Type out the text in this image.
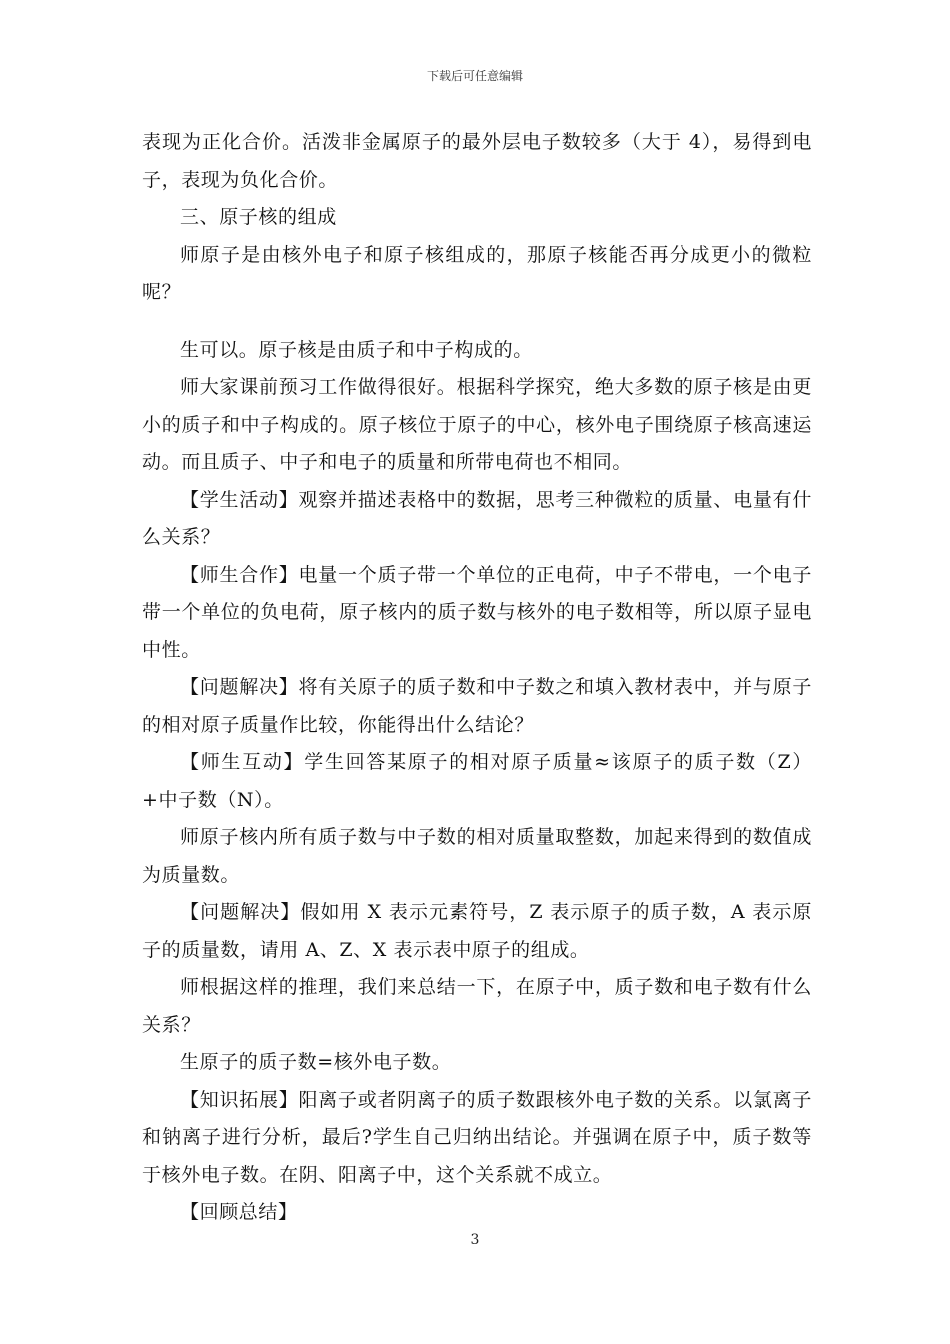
下载后可任意编辑

表现为正化合价。活泼非金属原子的最外层电子数较多（大于 4），易得到电子，表现为负化合价。

三、原子核的组成

师原子是由核外电子和原子核组成的，那原子核能否再分成更小的微粒呢？

生可以。原子核是由质子和中子构成的。

师大家课前预习工作做得很好。根据科学探究，绝大多数的原子核是由更小的质子和中子构成的。原子核位于原子的中心，核外电子围绕原子核高速运动。而且质子、中子和电子的质量和所带电荷也不相同。

【学生活动】观察并描述表格中的数据，思考三种微粒的质量、电量有什么关系？

【师生合作】电量一个质子带一个单位的正电荷，中子不带电，一个电子带一个单位的负电荷，原子核内的质子数与核外的电子数相等，所以原子显电中性。

【问题解决】将有关原子的质子数和中子数之和填入教材表中，并与原子的相对原子质量作比较，你能得出什么结论？

【师生互动】学生回答某原子的相对原子质量≈该原子的质子数（Z）+中子数（N）。

师原子核内所有质子数与中子数的相对质量取整数，加起来得到的数值成为质量数。

【问题解决】假如用 X 表示元素符号，Z 表示原子的质子数，A 表示原子的质量数，请用 A、Z、X 表示表中原子的组成。

师根据这样的推理，我们来总结一下，在原子中，质子数和电子数有什么关系？

生原子的质子数=核外电子数。

【知识拓展】阳离子或者阴离子的质子数跟核外电子数的关系。以氯离子和钠离子进行分析，最后?学生自己归纳出结论。并强调在原子中，质子数等于核外电子数。在阴、阳离子中，这个关系就不成立。

【回顾总结】

3
